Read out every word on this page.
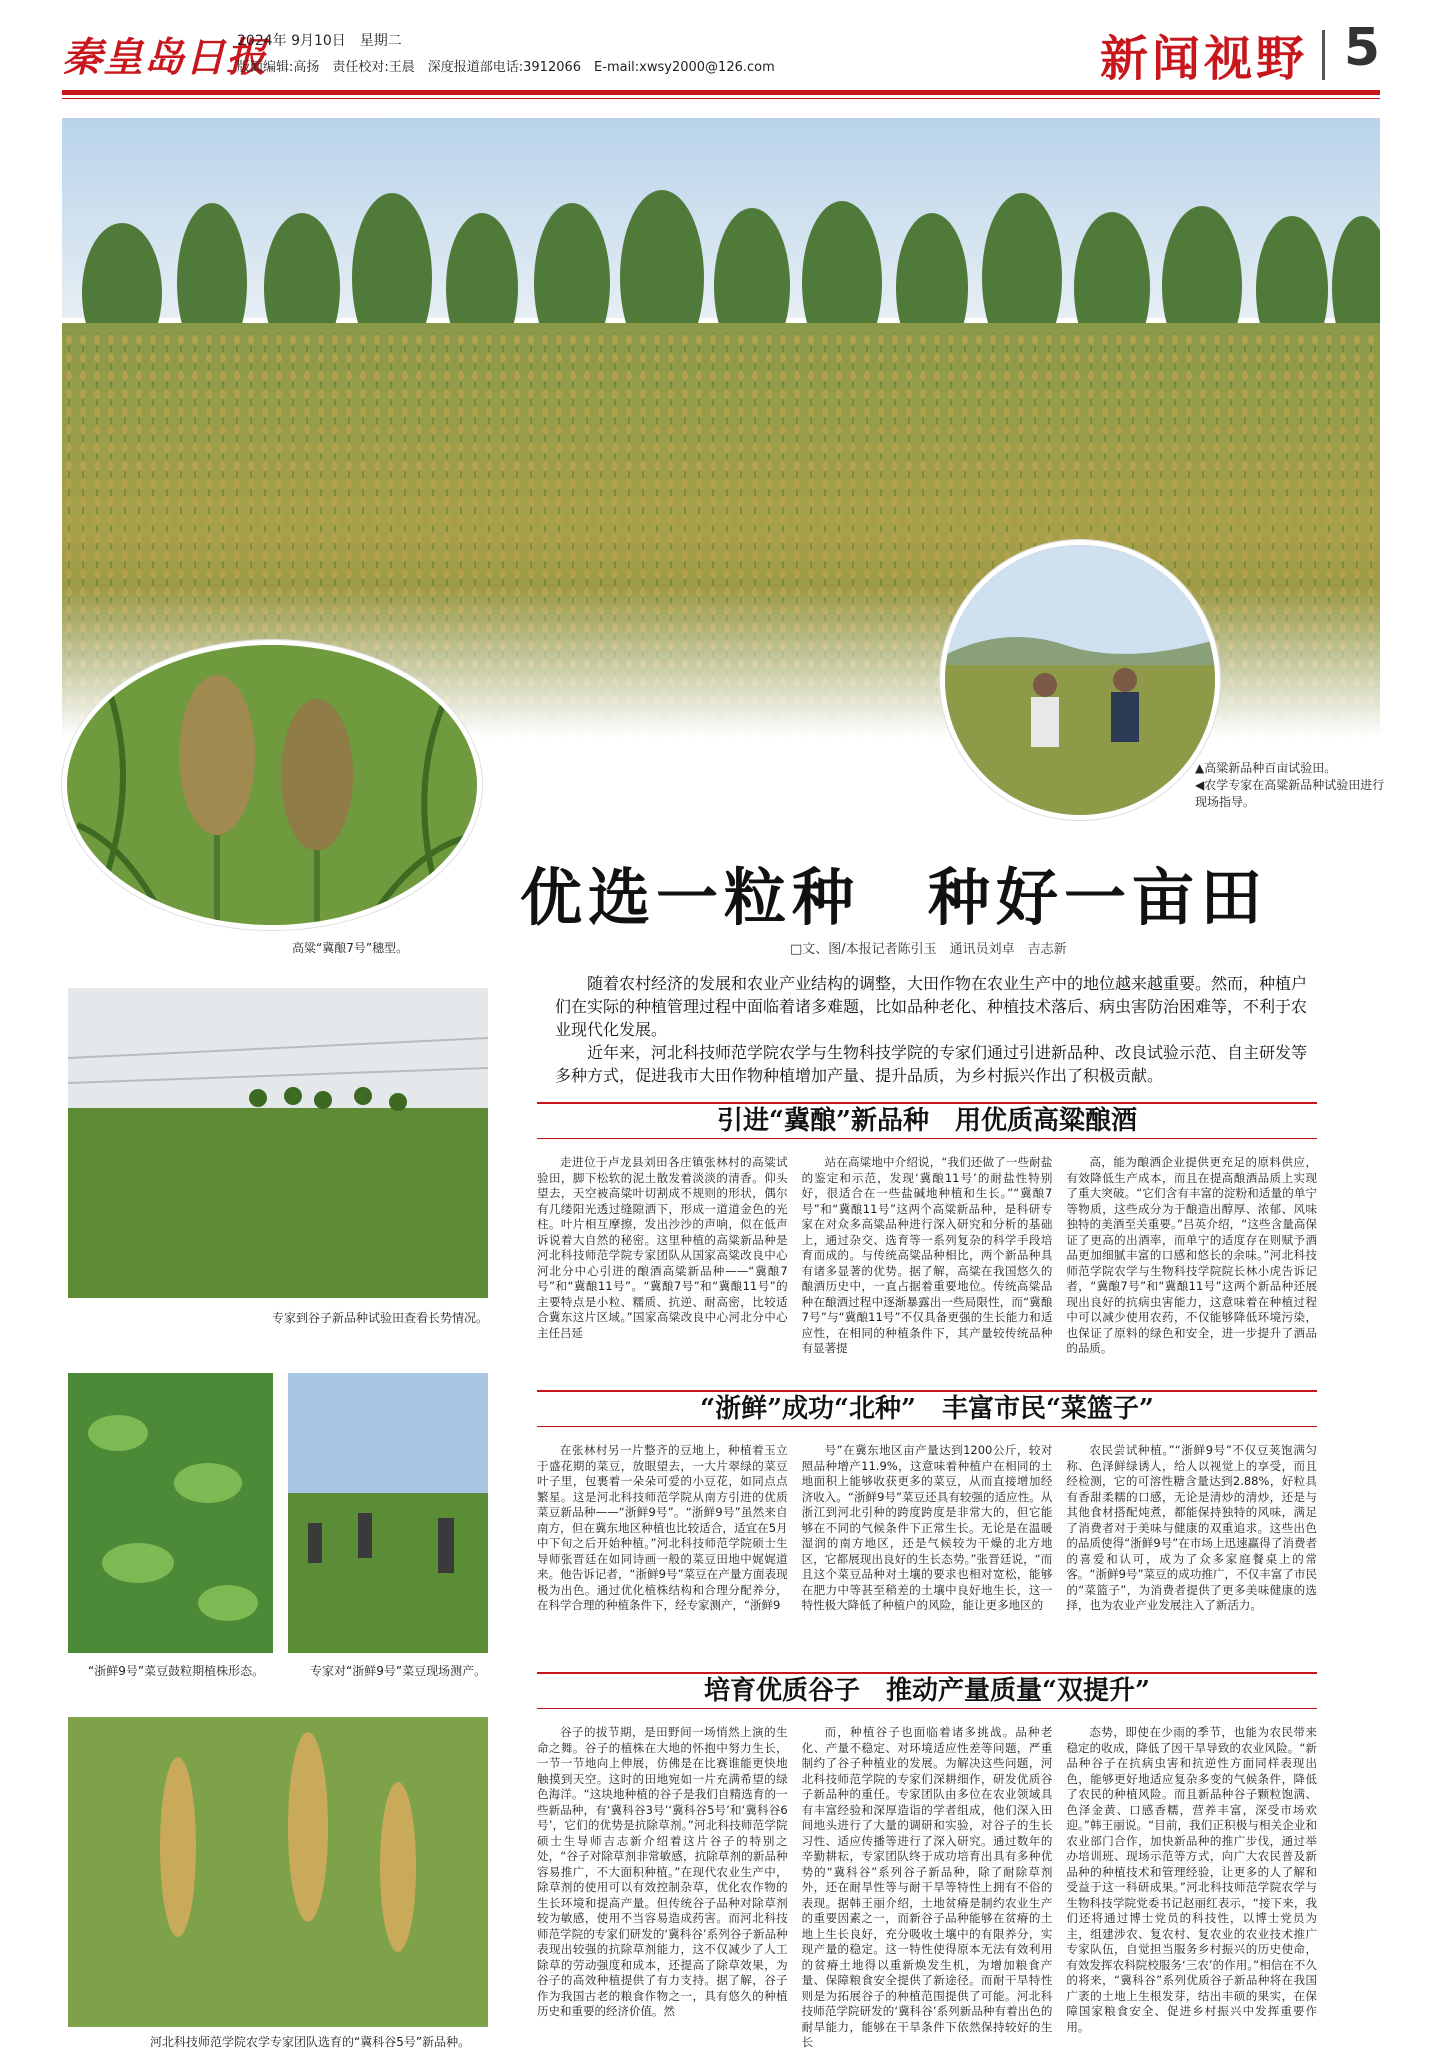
秦皇岛日报
2024年 9月10日　星期二
版面编辑:高扬　责任校对:王晨　深度报道部电话:3912066　E-mail:xwsy2000@126.com	新闻视野 5
高粱“冀酿7号”穗型。
▲高粱新品种百亩试验田。
◀农学专家在高粱新品种试验田进行现场指导。
优选一粒种　种好一亩田
□文、图/本报记者陈引玉　通讯员刘卓　吉志新

随着农村经济的发展和农业产业结构的调整，大田作物在农业生产中的地位越来越重要。然而，种植户们在实际的种植管理过程中面临着诸多难题，比如品种老化、种植技术落后、病虫害防治困难等，不利于农业现代化发展。

近年来，河北科技师范学院农学与生物科技学院的专家们通过引进新品种、改良试验示范、自主研发等多种方式，促进我市大田作物种植增加产量、提升品质，为乡村振兴作出了积极贡献。

专家到谷子新品种试验田查看长势情况。
“浙鲜9号”菜豆鼓粒期植株形态。	专家对“浙鲜9号”菜豆现场测产。
河北科技师范学院农学专家团队选育的“冀科谷5号”新品种。
引进“冀酿”新品种　用优质高粱酿酒

走进位于卢龙县刘田各庄镇张林村的高粱试验田，脚下松软的泥土散发着淡淡的清香。仰头望去，天空被高粱叶切割成不规则的形状，偶尔有几缕阳光透过缝隙洒下，形成一道道金色的光柱。叶片相互摩擦，发出沙沙的声响，似在低声诉说着大自然的秘密。这里种植的高粱新品种是河北科技师范学院专家团队从国家高粱改良中心河北分中心引进的酿酒高粱新品种——“冀酿7号”和“冀酿11号”。“冀酿7号”和“冀酿11号”的主要特点是小粒、糯质、抗逆、耐高密，比较适合冀东这片区域。”国家高粱改良中心河北分中心主任吕延

站在高粱地中介绍说，“我们还做了一些耐盐的鉴定和示范，发现‘冀酿11号’的耐盐性特别好，很适合在一些盐碱地种植和生长。”“冀酿7号”和“冀酿11号”这两个高粱新品种，是科研专家在对众多高粱品种进行深入研究和分析的基础上，通过杂交、选育等一系列复杂的科学手段培育而成的。与传统高粱品种相比，两个新品种具有诸多显著的优势。据了解，高粱在我国悠久的酿酒历史中，一直占据着重要地位。传统高粱品种在酿酒过程中逐渐暴露出一些局限性，而“冀酿7号”与“冀酿11号”不仅具备更强的生长能力和适应性，在相同的种植条件下，其产量较传统品种有显著提

高，能为酿酒企业提供更充足的原料供应，有效降低生产成本，而且在提高酿酒品质上实现了重大突破。“它们含有丰富的淀粉和适量的单宁等物质，这些成分为于酿造出醇厚、浓郁、风味独特的美酒至关重要。”吕英介绍，“这些含量高保证了更高的出酒率，而单宁的适度存在则赋予酒品更加细腻丰富的口感和悠长的余味。”河北科技师范学院农学与生物科技学院院长林小虎告诉记者，“冀酿7号”和“冀酿11号”这两个新品种还展现出良好的抗病虫害能力，这意味着在种植过程中可以减少使用农药，不仅能够降低环境污染，也保证了原料的绿色和安全，进一步提升了酒品的品质。

“浙鲜”成功“北种”　丰富市民“菜篮子”

在张林村另一片整齐的豆地上，种植着玉立于盛花期的菜豆，放眼望去，一大片翠绿的菜豆叶子里，包裹着一朵朵可爱的小豆花，如同点点繁星。这是河北科技师范学院从南方引进的优质菜豆新品种——“浙鲜9号”。“浙鲜9号”虽然来自南方，但在冀东地区种植也比较适合，适宜在5月中下旬之后开始种植。”河北科技师范学院硕士生导师张晋廷在如同诗画一般的菜豆田地中娓娓道来。他告诉记者，“浙鲜9号”菜豆在产量方面表现极为出色。通过优化植株结构和合理分配养分，在科学合理的种植条件下，经专家测产，“浙鲜9

号”在冀东地区亩产量达到1200公斤，较对照品种增产11.9%，这意味着种植户在相同的土地面积上能够收获更多的菜豆，从而直接增加经济收入。“浙鲜9号”菜豆还具有较强的适应性。从浙江到河北引种的跨度跨度是非常大的，但它能够在不同的气候条件下正常生长。无论是在温暖湿润的南方地区，还是气候较为干燥的北方地区，它都展现出良好的生长态势。”张晋廷说，“而且这个菜豆品种对土壤的要求也相对宽松，能够在肥力中等甚至稍差的土壤中良好地生长，这一特性极大降低了种植户的风险，能让更多地区的

农民尝试种植。”“浙鲜9号”不仅豆荚饱满匀称、色泽鲜绿诱人，给人以视觉上的享受，而且经检测，它的可溶性糖含量达到2.88%，好粒具有香甜柔糯的口感，无论是清炒的清炒，还是与其他食材搭配炖煮，都能保持独特的风味，满足了消费者对于美味与健康的双重追求。这些出色的品质使得“浙鲜9号”在市场上迅速赢得了消费者的喜爱和认可，成为了众多家庭餐桌上的常客。“浙鲜9号”菜豆的成功推广，不仅丰富了市民的“菜篮子”，为消费者提供了更多美味健康的选择，也为农业产业发展注入了新活力。

培育优质谷子　推动产量质量“双提升”

谷子的拔节期，是田野间一场悄然上演的生命之舞。谷子的植株在大地的怀抱中努力生长，一节一节地向上伸展，仿佛是在比赛谁能更快地触摸到天空。这时的田地宛如一片充满希望的绿色海洋。“这块地种植的谷子是我们自精选育的一些新品种，有‘冀科谷3号’‘冀科谷5号’和‘冀科谷6号’，它们的优势是抗除草剂。”河北科技师范学院硕士生导师吉志新介绍着这片谷子的特别之处，“谷子对除草剂非常敏感，抗除草剂的新品种容易推广，不大面积种植。”在现代农业生产中，除草剂的使用可以有效控制杂草，优化农作物的生长环境和提高产量。但传统谷子品种对除草剂较为敏感，使用不当容易造成药害。而河北科技师范学院的专家们研发的‘冀科谷’系列谷子新品种表现出较强的抗除草剂能力，这不仅减少了人工除草的劳动强度和成本，还提高了除草效果，为谷子的高效种植提供了有力支持。据了解，谷子作为我国古老的粮食作物之一，具有悠久的种植历史和重要的经济价值。然

而，种植谷子也面临着诸多挑战。品种老化、产量不稳定、对环境适应性差等问题，严重制约了谷子种植业的发展。为解决这些问题，河北科技师范学院的专家们深耕细作，研发优质谷子新品种的重任。专家团队由多位在农业领域具有丰富经验和深厚造诣的学者组成，他们深入田间地头进行了大量的调研和实验，对谷子的生长习性、适应传播等进行了深入研究。通过数年的辛勤耕耘，专家团队终于成功培育出具有多种优势的“冀科谷”系列谷子新品种，除了耐除草剂外，还在耐旱性等与耐干旱等特性上拥有不俗的表现。据韩王丽介绍，土地贫瘠是制约农业生产的重要因素之一，而新谷子品种能够在贫瘠的土地上生长良好，充分吸收土壤中的有限养分，实现产量的稳定。这一特性使得原本无法有效利用的贫瘠土地得以重新焕发生机，为增加粮食产量、保障粮食安全提供了新途径。而耐干旱特性则是为拓展谷子的种植范围提供了可能。河北科技师范学院研发的‘冀科谷’系列新品种有着出色的耐旱能力，能够在干旱条件下依然保持较好的生长

态势，即使在少雨的季节，也能为农民带来稳定的收成，降低了因干旱导致的农业风险。“新品种谷子在抗病虫害和抗逆性方面同样表现出色，能够更好地适应复杂多变的气候条件，降低了农民的种植风险。而且新品种谷子颗粒饱满、色泽金黄、口感香糯，营养丰富，深受市场欢迎。”韩王丽说。“目前，我们正积极与相关企业和农业部门合作，加快新品种的推广步伐，通过举办培训班、现场示范等方式，向广大农民普及新品种的种植技术和管理经验，让更多的人了解和受益于这一科研成果。”河北科技师范学院农学与生物科技学院党委书记赵丽红表示，“接下来，我们还将通过博士党员的科技性，以博士党员为主，组建涉农、复农村、复农业的农业技术推广专家队伍，自觉担当服务乡村振兴的历史使命，有效发挥农科院校服务‘三农’的作用。”相信在不久的将来，“冀科谷”系列优质谷子新品种将在我国广袤的土地上生根发芽，结出丰硕的果实，在保障国家粮食安全、促进乡村振兴中发挥重要作用。
